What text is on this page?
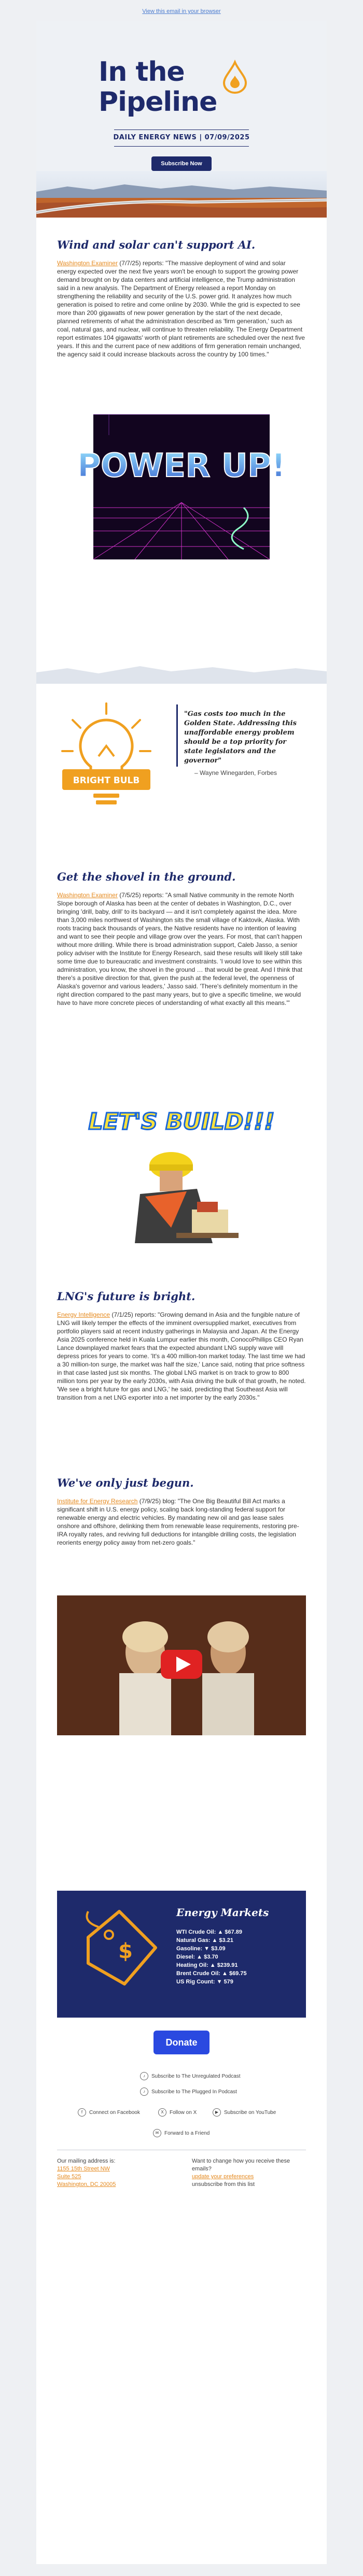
View this email in your browser
In the
Pipeline
DAILY ENERGY NEWS | 07/09/2025
Subscribe Now
Wind and solar can't support AI.
Washington Examiner (7/7/25) reports: "The massive deployment of wind and solar energy expected over the next five years won't be enough to support the growing power demand brought on by data centers and artificial intelligence, the Trump administration said in a new analysis. The Department of Energy released a report Monday on strengthening the reliability and security of the U.S. power grid. It analyzes how much generation is poised to retire and come online by 2030. While the grid is expected to see more than 200 gigawatts of new power generation by the start of the next decade, planned retirements of what the administration described as 'firm generation,' such as coal, natural gas, and nuclear, will continue to threaten reliability. The Energy Department report estimates 104 gigawatts' worth of plant retirements are scheduled over the next five years. If this and the current pace of new additions of firm generation remain unchanged, the agency said it could increase blackouts across the country by 100 times."
POWER UP!
BRIGHT BULB
"Gas costs too much in the Golden State. Addressing this unaffordable energy problem should be a top priority for state legislators and the governor"
– Wayne Winegarden, Forbes
Get the shovel in the ground.
Washington Examiner (7/5/25) reports: "A small Native community in the remote North Slope borough of Alaska has been at the center of debates in Washington, D.C., over bringing 'drill, baby, drill' to its backyard — and it isn't completely against the idea. More than 3,000 miles northwest of Washington sits the small village of Kaktovik, Alaska. With roots tracing back thousands of years, the Native residents have no intention of leaving and want to see their people and village grow over the years. For most, that can't happen without more drilling. While there is broad administration support, Caleb Jasso, a senior policy adviser with the Institute for Energy Research, said these results will likely still take some time due to bureaucratic and investment constraints. 'I would love to see within this administration, you know, the shovel in the ground … that would be great. And I think that there's a positive direction for that, given the push at the federal level, the openness of Alaska's governor and various leaders,' Jasso said. 'There's definitely momentum in the right direction compared to the past many years, but to give a specific timeline, we would have to have more concrete pieces of understanding of what exactly all this means.'"
LET'S BUILD!!!
LNG's future is bright.
Energy Intelligence (7/1/25) reports: "Growing demand in Asia and the fungible nature of LNG will likely temper the effects of the imminent oversupplied market, executives from portfolio players said at recent industry gatherings in Malaysia and Japan. At the Energy Asia 2025 conference held in Kuala Lumpur earlier this month, ConocoPhillips CEO Ryan Lance downplayed market fears that the expected abundant LNG supply wave will depress prices for years to come. 'It's a 400 million-ton market today. The last time we had a 30 million-ton surge, the market was half the size,' Lance said, noting that price softness in that case lasted just six months. The global LNG market is on track to grow to 800 million tons per year by the early 2030s, with Asia driving the bulk of that growth, he noted. 'We see a bright future for gas and LNG,' he said, predicting that Southeast Asia will transition from a net LNG exporter into a net importer by the early 2030s."
We've only just begun.
Institute for Energy Research (7/9/25) blog: "The One Big Beautiful Bill Act marks a significant shift in U.S. energy policy, scaling back long-standing federal support for renewable energy and electric vehicles. By mandating new oil and gas lease sales onshore and offshore, delinking them from renewable lease requirements, restoring pre-IRA royalty rates, and reviving full deductions for intangible drilling costs, the legislation reorients energy policy away from net-zero goals."
$
Energy Markets
WTI Crude Oil: ▲ $67.89
Natural Gas: ▲ $3.21
Gasoline: ▼ $3.09
Diesel: ▲ $3.70
Heating Oil: ▲ $239.91
Brent Crude Oil: ▲ $69.75
US Rig Count: ▼ 579
Donate
♪ Subscribe to The Unregulated Podcast
♪ Subscribe to The Plugged In Podcast
f Connect on Facebook	X Follow on X	▶ Subscribe on YouTube
✉ Forward to a Friend
Our mailing address is:
1155 15th Street NW
Suite 525
Washington, DC 20005
Want to change how you receive these emails?
update your preferences
unsubscribe from this list
